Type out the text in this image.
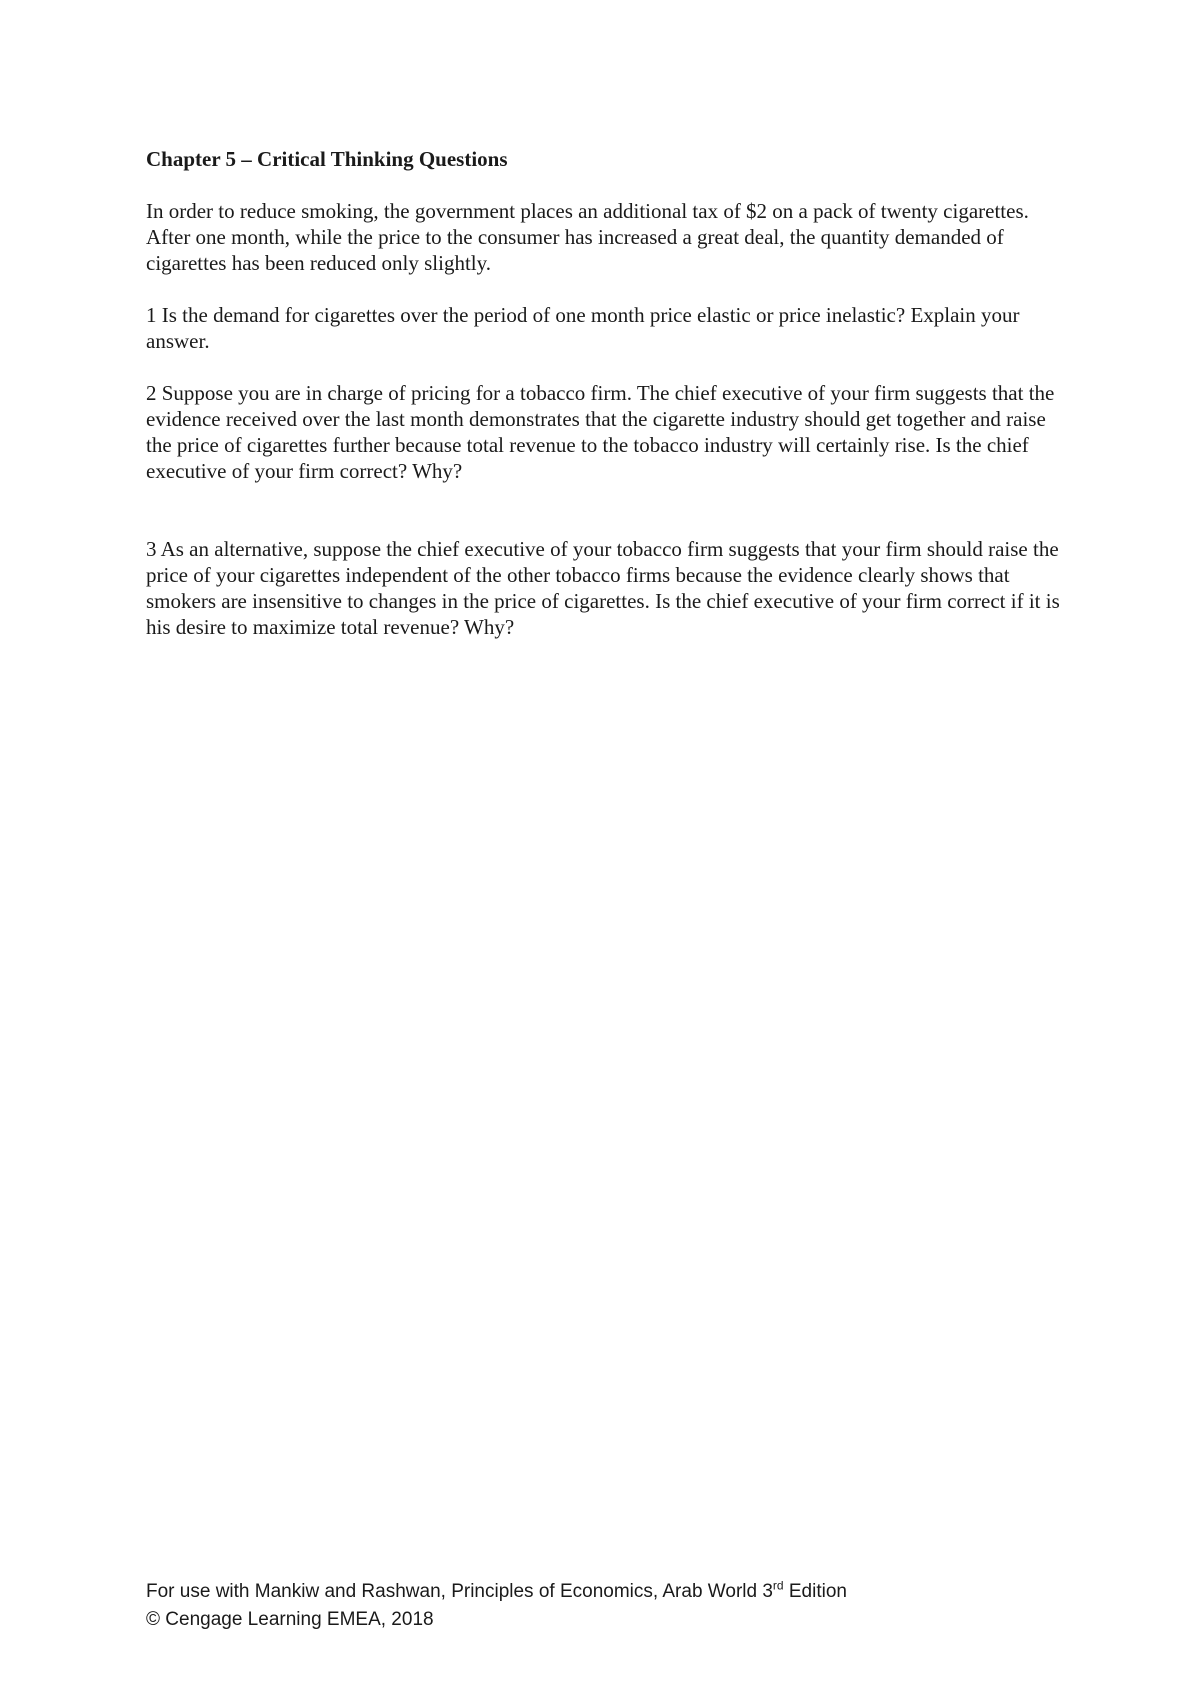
Chapter 5 – Critical Thinking Questions

In order to reduce smoking, the government places an additional tax of $2 on a pack of twenty cigarettes. After one month, while the price to the consumer has increased a great deal, the quantity demanded of cigarettes has been reduced only slightly.

1 Is the demand for cigarettes over the period of one month price elastic or price inelastic? Explain your answer.

2 Suppose you are in charge of pricing for a tobacco firm. The chief executive of your firm suggests that the evidence received over the last month demonstrates that the cigarette industry should get together and raise the price of cigarettes further because total revenue to the tobacco industry will certainly rise. Is the chief executive of your firm correct? Why?

3 As an alternative, suppose the chief executive of your tobacco firm suggests that your firm should raise the price of your cigarettes independent of the other tobacco firms because the evidence clearly shows that smokers are insensitive to changes in the price of cigarettes. Is the chief executive of your firm correct if it is his desire to maximize total revenue? Why?

For use with Mankiw and Rashwan, Principles of Economics, Arab World 3rd Edition
© Cengage Learning EMEA, 2018
